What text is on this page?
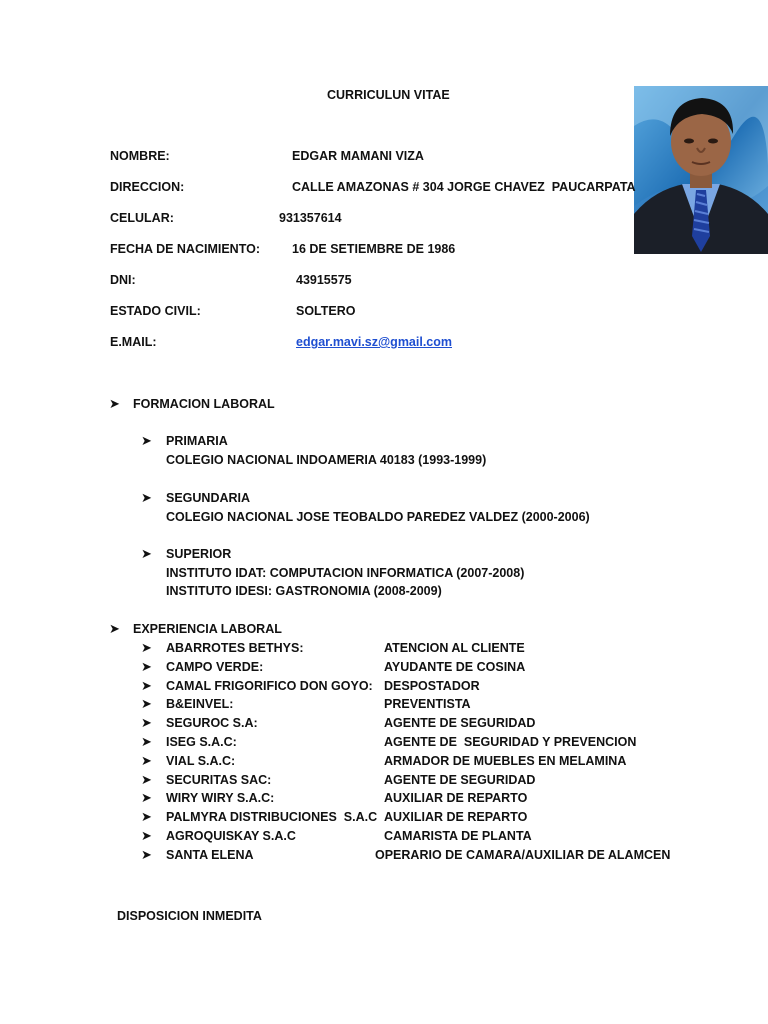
CURRICULUN VITAE
NOMBRE:	EDGAR MAMANI VIZA
DIRECCION:	CALLE AMAZONAS # 304 JORGE CHAVEZ  PAUCARPATA
CELULAR:	931357614
FECHA DE NACIMIENTO:	16 DE SETIEMBRE DE 1986
DNI:	43915575
ESTADO CIVIL:	SOLTERO
E.MAIL:	edgar.mavi.sz@gmail.com
➤ FORMACION LABORAL
➤ PRIMARIA
COLEGIO NACIONAL INDOAMERIA 40183 (1993-1999)
➤ SEGUNDARIA
COLEGIO NACIONAL JOSE TEOBALDO PAREDEZ VALDEZ (2000-2006)
➤ SUPERIOR
INSTITUTO IDAT: COMPUTACION INFORMATICA (2007-2008)
INSTITUTO IDESI: GASTRONOMIA (2008-2009)
➤ EXPERIENCIA LABORAL
➤ ABARROTES BETHYS:	ATENCION AL CLIENTE
➤ CAMPO VERDE:	AYUDANTE DE COSINA
➤ CAMAL FRIGORIFICO DON GOYO: DESPOSTADOR
➤ B&EINVEL:	PREVENTISTA
➤ SEGUROC S.A:	AGENTE DE SEGURIDAD
➤ ISEG S.A.C:	AGENTE DE  SEGURIDAD Y PREVENCION
➤ VIAL S.A.C:	ARMADOR DE MUEBLES EN MELAMINA
➤ SECURITAS SAC:	AGENTE DE SEGURIDAD
➤ WIRY WIRY S.A.C:	AUXILIAR DE REPARTO
➤ PALMYRA DISTRIBUCIONES  S.A.C AUXILIAR DE REPARTO
➤ AGROQUISKAY S.A.C	CAMARISTA DE PLANTA
➤ SANTA ELENA	OPERARIO DE CAMARA/AUXILIAR DE ALAMCEN
DISPOSICION INMEDITA
